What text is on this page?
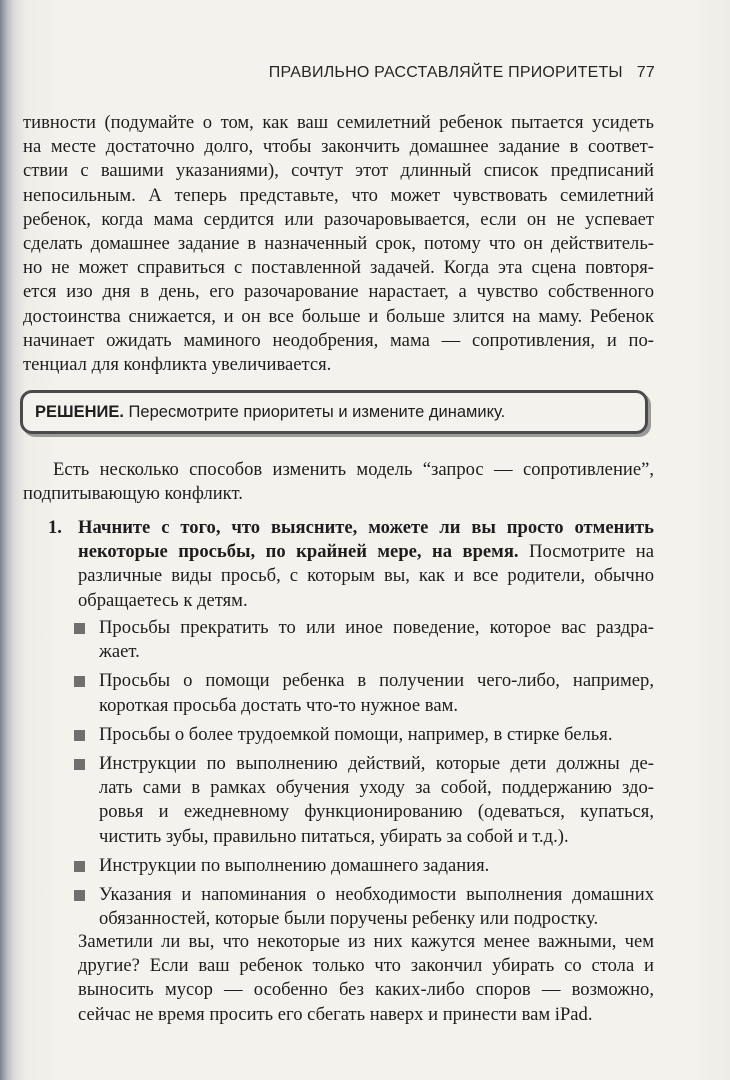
ПРАВИЛЬНО РАССТАВЛЯЙТЕ ПРИОРИТЕТЫ 77
тивности (подумайте о том, как ваш семилетний ребенок пытается усидеть
на месте достаточно долго, чтобы закончить домашнее задание в соответ-
ствии с вашими указаниями), сочтут этот длинный список предписаний
непосильным. А теперь представьте, что может чувствовать семилетний
ребенок, когда мама сердится или разочаровывается, если он не успевает
сделать домашнее задание в назначенный срок, потому что он действитель-
но не может справиться с поставленной задачей. Когда эта сцена повторя-
ется изо дня в день, его разочарование нарастает, а чувство собственного
достоинства снижается, и он все больше и больше злится на маму. Ребенок
начинает ожидать маминого неодобрения, мама — сопротивления, и по-
тенциал для конфликта увеличивается.
РЕШЕНИЕ. Пересмотрите приоритеты и измените динамику.
Есть несколько способов изменить модель “запрос — сопротивление”,
подпитывающую конфликт.
1. Начните с того, что выясните, можете ли вы просто отменить
некоторые просьбы, по крайней мере, на время. Посмотрите на
различные виды просьб, с которым вы, как и все родители, обычно
обращаетесь к детям.
Просьбы прекратить то или иное поведение, которое вас раздра-
жает.
Просьбы о помощи ребенка в получении чего-либо, например,
короткая просьба достать что-то нужное вам.
Просьбы о более трудоемкой помощи, например, в стирке белья.
Инструкции по выполнению действий, которые дети должны де-
лать сами в рамках обучения уходу за собой, поддержанию здо-
ровья и ежедневному функционированию (одеваться, купаться,
чистить зубы, правильно питаться, убирать за собой и т.д.).
Инструкции по выполнению домашнего задания.
Указания и напоминания о необходимости выполнения домашних
обязанностей, которые были поручены ребенку или подростку.
Заметили ли вы, что некоторые из них кажутся менее важными, чем
другие? Если ваш ребенок только что закончил убирать со стола и
выносить мусор — особенно без каких-либо споров — возможно,
сейчас не время просить его сбегать наверх и принести вам iPad.
